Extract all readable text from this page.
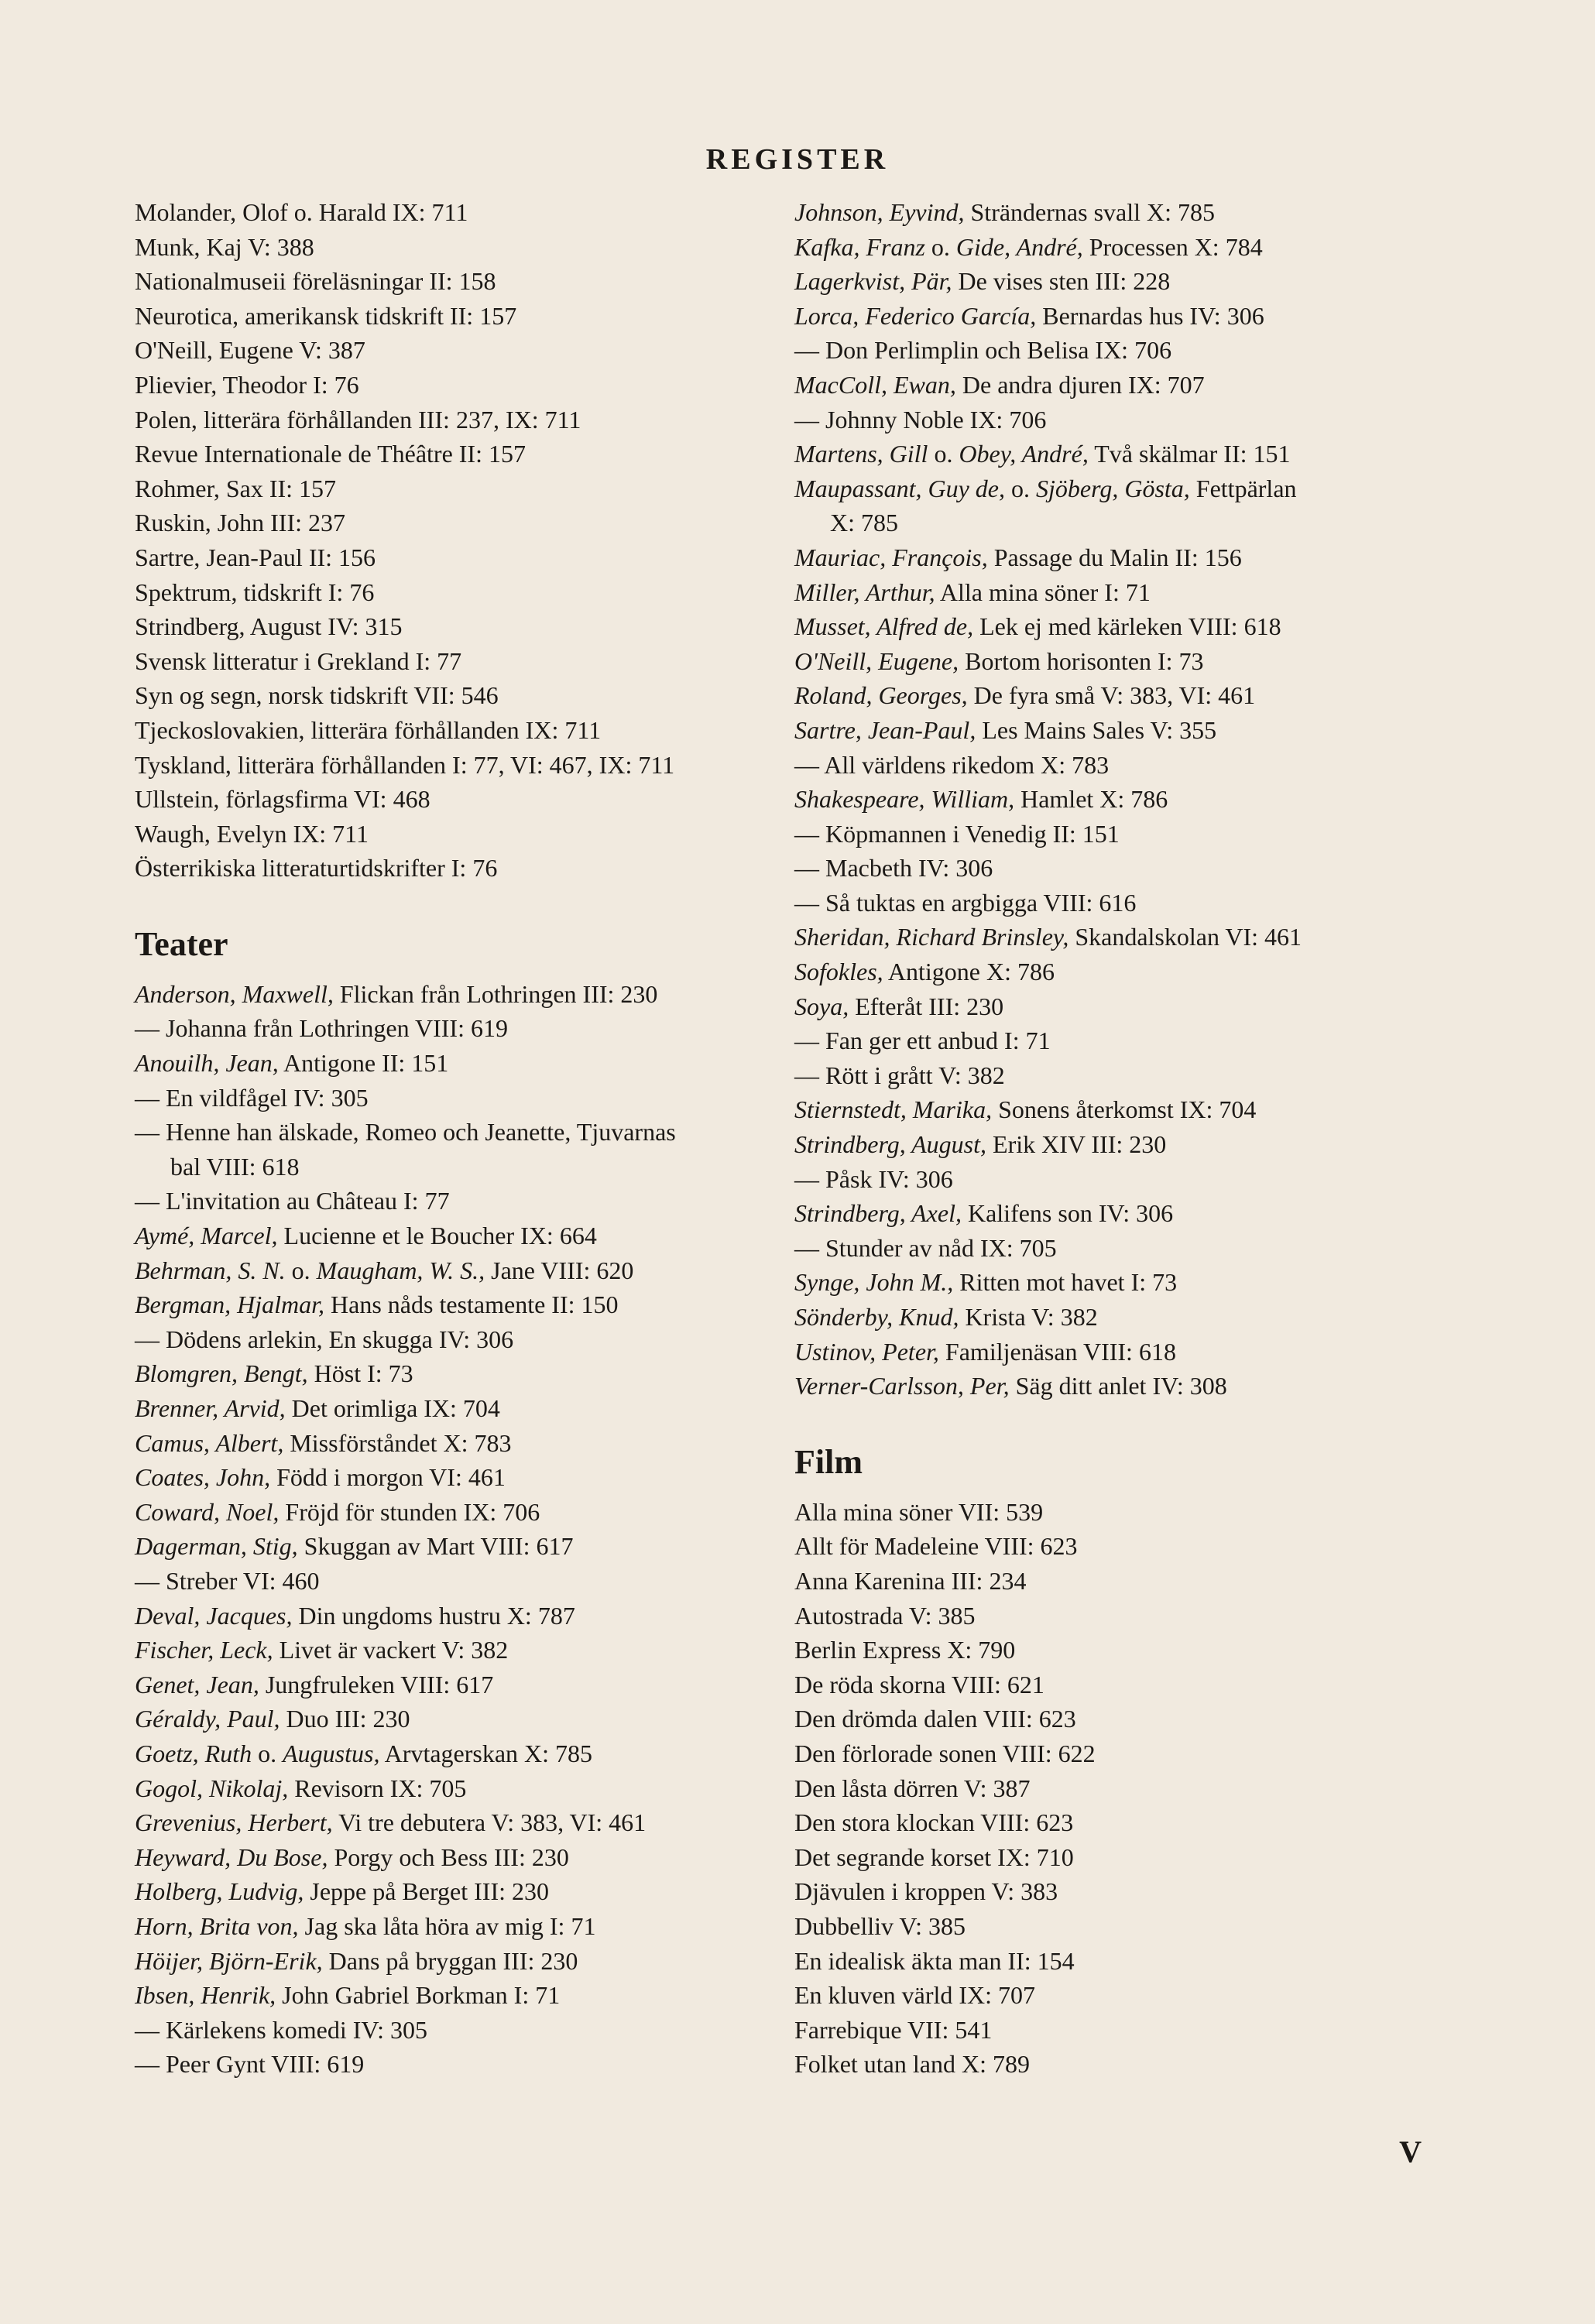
REGISTER
Molander, Olof o. Harald IX: 711
Munk, Kaj V: 388
Nationalmuseii föreläsningar II: 158
Neurotica, amerikansk tidskrift II: 157
O'Neill, Eugene V: 387
Plievier, Theodor I: 76
Polen, litterära förhållanden III: 237, IX: 711
Revue Internationale de Théâtre II: 157
Rohmer, Sax II: 157
Ruskin, John III: 237
Sartre, Jean-Paul II: 156
Spektrum, tidskrift I: 76
Strindberg, August IV: 315
Svensk litteratur i Grekland I: 77
Syn og segn, norsk tidskrift VII: 546
Tjeckoslovakien, litterära förhållanden IX: 711
Tyskland, litterära förhållanden I: 77, VI: 467, IX: 711
Ullstein, förlagsfirma VI: 468
Waugh, Evelyn IX: 711
Österrikiska litteraturtidskrifter I: 76
Teater
Anderson, Maxwell, Flickan från Lothringen III: 230
— Johanna från Lothringen VIII: 619
Anouilh, Jean, Antigone II: 151
— En vildfågel IV: 305
— Henne han älskade, Romeo och Jeanette, Tjuvarnas
bal VIII: 618
— L'invitation au Château I: 77
Aymé, Marcel, Lucienne et le Boucher IX: 664
Behrman, S. N. o. Maugham, W. S., Jane VIII: 620
Bergman, Hjalmar, Hans nåds testamente II: 150
— Dödens arlekin, En skugga IV: 306
Blomgren, Bengt, Höst I: 73
Brenner, Arvid, Det orimliga IX: 704
Camus, Albert, Missförståndet X: 783
Coates, John, Född i morgon VI: 461
Coward, Noel, Fröjd för stunden IX: 706
Dagerman, Stig, Skuggan av Mart VIII: 617
— Streber VI: 460
Deval, Jacques, Din ungdoms hustru X: 787
Fischer, Leck, Livet är vackert V: 382
Genet, Jean, Jungfruleken VIII: 617
Géraldy, Paul, Duo III: 230
Goetz, Ruth o. Augustus, Arvtagerskan X: 785
Gogol, Nikolaj, Revisorn IX: 705
Grevenius, Herbert, Vi tre debutera V: 383, VI: 461
Heyward, Du Bose, Porgy och Bess III: 230
Holberg, Ludvig, Jeppe på Berget III: 230
Horn, Brita von, Jag ska låta höra av mig I: 71
Höijer, Björn-Erik, Dans på bryggan III: 230
Ibsen, Henrik, John Gabriel Borkman I: 71
— Kärlekens komedi IV: 305
— Peer Gynt VIII: 619
Johnson, Eyvind, Strändernas svall X: 785
Kafka, Franz o. Gide, André, Processen X: 784
Lagerkvist, Pär, De vises sten III: 228
Lorca, Federico García, Bernardas hus IV: 306
— Don Perlimplin och Belisa IX: 706
MacColl, Ewan, De andra djuren IX: 707
— Johnny Noble IX: 706
Martens, Gill o. Obey, André, Två skälmar II: 151
Maupassant, Guy de, o. Sjöberg, Gösta, Fettpärlan
X: 785
Mauriac, François, Passage du Malin II: 156
Miller, Arthur, Alla mina söner I: 71
Musset, Alfred de, Lek ej med kärleken VIII: 618
O'Neill, Eugene, Bortom horisonten I: 73
Roland, Georges, De fyra små V: 383, VI: 461
Sartre, Jean-Paul, Les Mains Sales V: 355
— All världens rikedom X: 783
Shakespeare, William, Hamlet X: 786
— Köpmannen i Venedig II: 151
— Macbeth IV: 306
— Så tuktas en argbigga VIII: 616
Sheridan, Richard Brinsley, Skandalskolan VI: 461
Sofokles, Antigone X: 786
Soya, Efteråt III: 230
— Fan ger ett anbud I: 71
— Rött i grått V: 382
Stiernstedt, Marika, Sonens återkomst IX: 704
Strindberg, August, Erik XIV III: 230
— Påsk IV: 306
Strindberg, Axel, Kalifens son IV: 306
— Stunder av nåd IX: 705
Synge, John M., Ritten mot havet I: 73
Sönderby, Knud, Krista V: 382
Ustinov, Peter, Familjenäsan VIII: 618
Verner-Carlsson, Per, Säg ditt anlet IV: 308
Film
Alla mina söner VII: 539
Allt för Madeleine VIII: 623
Anna Karenina III: 234
Autostrada V: 385
Berlin Express X: 790
De röda skorna VIII: 621
Den drömda dalen VIII: 623
Den förlorade sonen VIII: 622
Den låsta dörren V: 387
Den stora klockan VIII: 623
Det segrande korset IX: 710
Djävulen i kroppen V: 383
Dubbelliv V: 385
En idealisk äkta man II: 154
En kluven värld IX: 707
Farrebique VII: 541
Folket utan land X: 789
V
